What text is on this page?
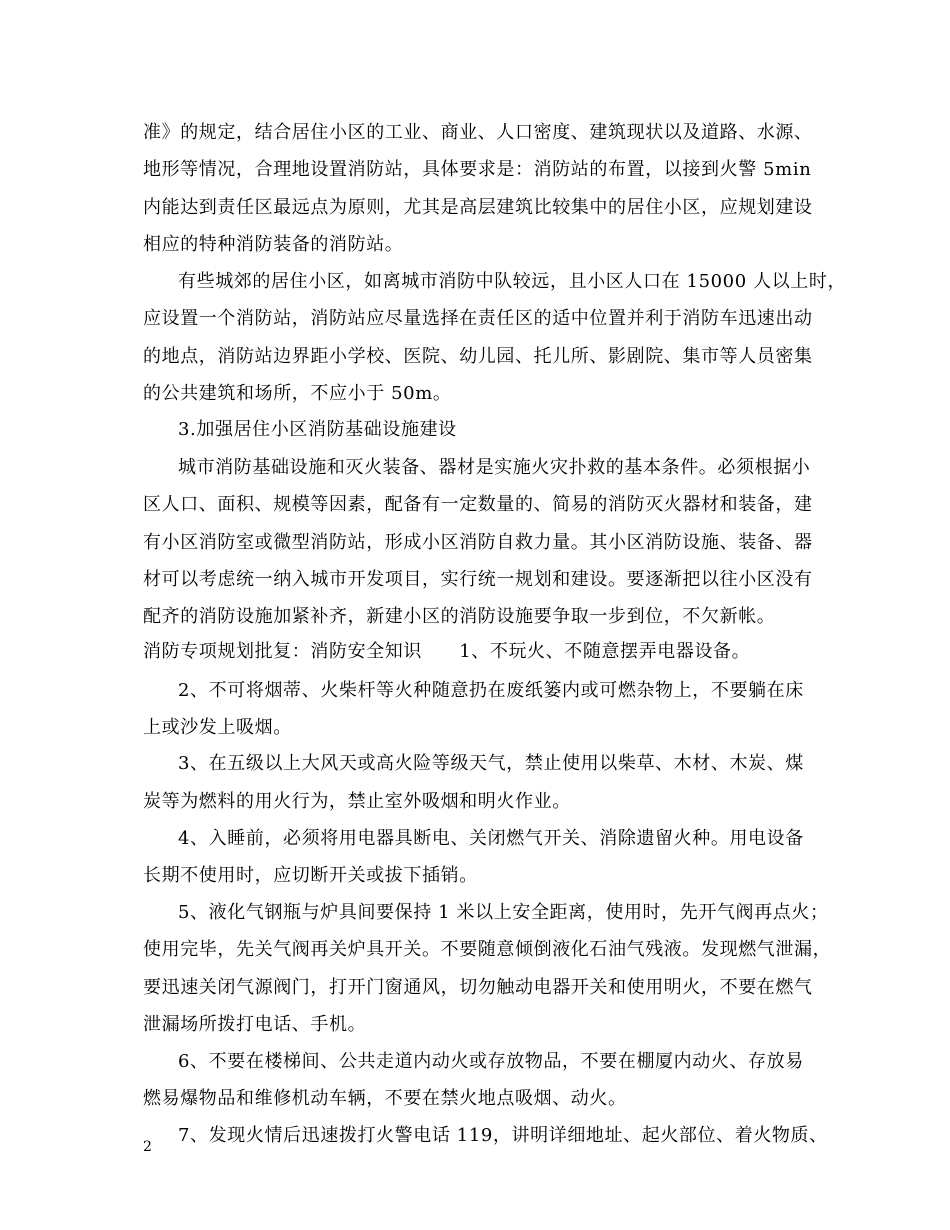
准》的规定，结合居住小区的工业、商业、人口密度、建筑现状以及道路、水源、
地形等情况，合理地设置消防站，具体要求是：消防站的布置，以接到火警 5min
内能达到责任区最远点为原则，尤其是高层建筑比较集中的居住小区，应规划建设
相应的特种消防装备的消防站。
有些城郊的居住小区，如离城市消防中队较远，且小区人口在 15000 人以上时，
应设置一个消防站，消防站应尽量选择在责任区的适中位置并利于消防车迅速出动
的地点，消防站边界距小学校、医院、幼儿园、托儿所、影剧院、集市等人员密集
的公共建筑和场所，不应小于 50m。
3.加强居住小区消防基础设施建设
城市消防基础设施和灭火装备、器材是实施火灾扑救的基本条件。必须根据小
区人口、面积、规模等因素，配备有一定数量的、简易的消防灭火器材和装备，建
有小区消防室或微型消防站，形成小区消防自救力量。其小区消防设施、装备、器
材可以考虑统一纳入城市开发项目，实行统一规划和建设。要逐渐把以往小区没有
配齐的消防设施加紧补齐，新建小区的消防设施要争取一步到位，不欠新帐。
消防专项规划批复：消防安全知识　　1、不玩火、不随意摆弄电器设备。
2、不可将烟蒂、火柴杆等火种随意扔在废纸篓内或可燃杂物上，不要躺在床
上或沙发上吸烟。
3、在五级以上大风天或高火险等级天气，禁止使用以柴草、木材、木炭、煤
炭等为燃料的用火行为，禁止室外吸烟和明火作业。
4、入睡前，必须将用电器具断电、关闭燃气开关、消除遗留火种。用电设备
长期不使用时，应切断开关或拔下插销。
5、液化气钢瓶与炉具间要保持 1 米以上安全距离，使用时，先开气阀再点火；
使用完毕，先关气阀再关炉具开关。不要随意倾倒液化石油气残液。发现燃气泄漏，
要迅速关闭气源阀门，打开门窗通风，切勿触动电器开关和使用明火，不要在燃气
泄漏场所拨打电话、手机。
6、不要在楼梯间、公共走道内动火或存放物品，不要在棚厦内动火、存放易
燃易爆物品和维修机动车辆，不要在禁火地点吸烟、动火。
7、发现火情后迅速拨打火警电话 119，讲明详细地址、起火部位、着火物质、
2
